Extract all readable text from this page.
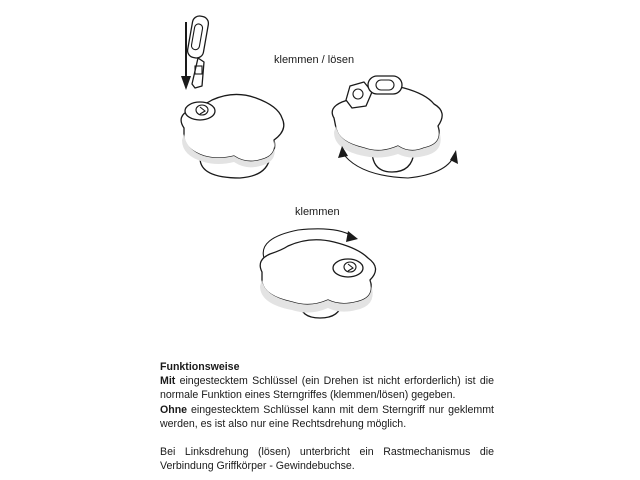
klemmen / lösen
klemmen
Funktionsweise

Mit eingestecktem Schlüssel (ein Drehen ist nicht erforderlich) ist die normale Funktion eines Sterngriffes (klemmen/lösen) gegeben.

Ohne eingestecktem Schlüssel kann mit dem Sterngriff nur geklemmt werden, es ist also nur eine Rechtsdrehung möglich.

Bei Linksdrehung (lösen) unterbricht ein Rastmechanismus die Verbindung Griffkörper - Gewindebuchse.
